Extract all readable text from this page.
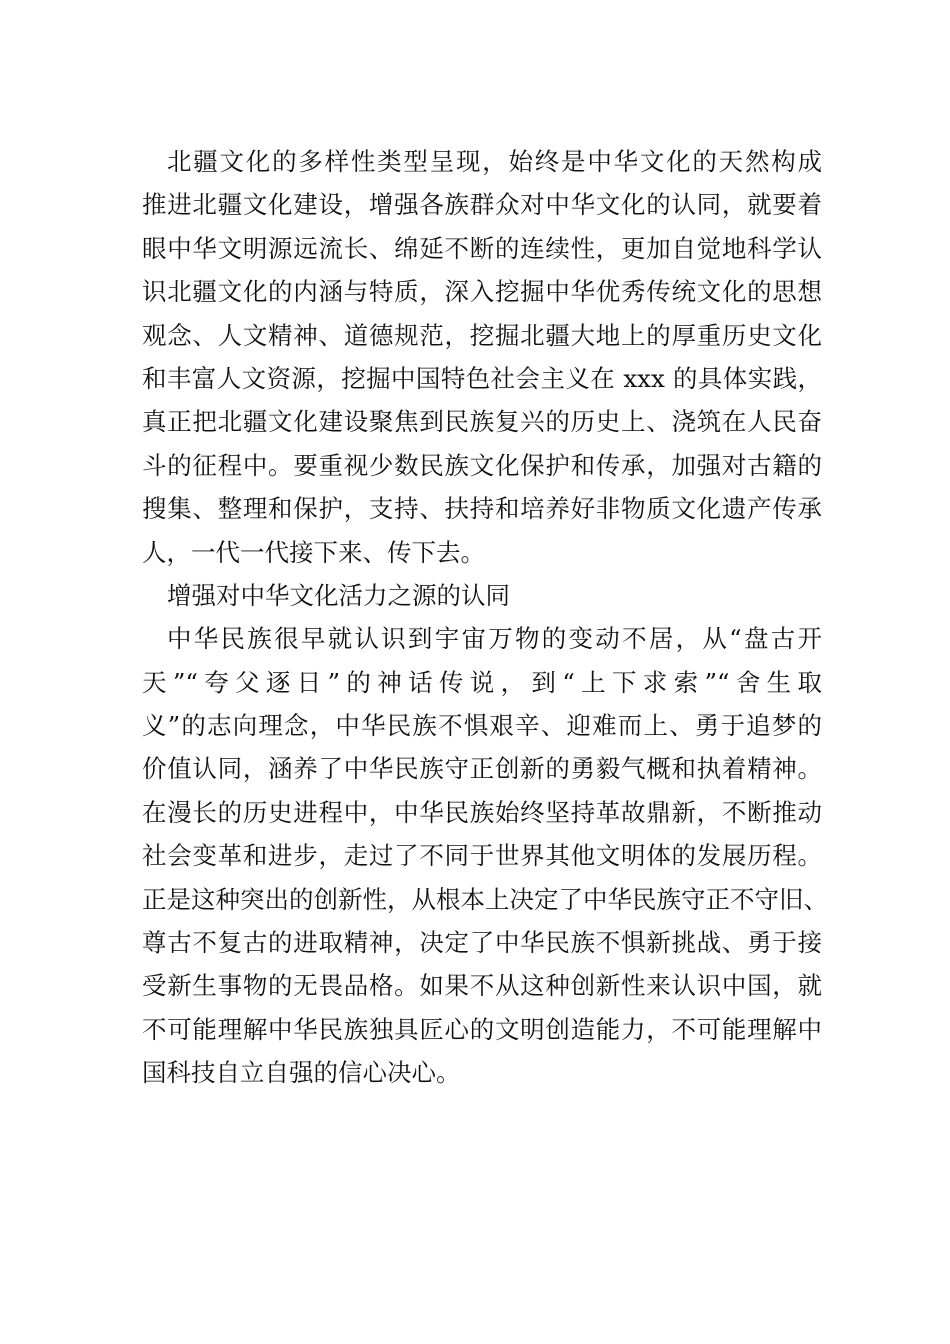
北疆文化的多样性类型呈现，始终是中华文化的天然构成
推进北疆文化建设，增强各族群众对中华文化的认同，就要着
眼中华文明源远流长、绵延不断的连续性，更加自觉地科学认
识北疆文化的内涵与特质，深入挖掘中华优秀传统文化的思想
观念、人文精神、道德规范，挖掘北疆大地上的厚重历史文化
和丰富人文资源，挖掘中国特色社会主义在 xxx 的具体实践，
真正把北疆文化建设聚焦到民族复兴的历史上、浇筑在人民奋
斗的征程中。要重视少数民族文化保护和传承，加强对古籍的
搜集、整理和保护，支持、扶持和培养好非物质文化遗产传承
人，一代一代接下来、传下去。
增强对中华文化活力之源的认同
中华民族很早就认识到宇宙万物的变动不居，从“盘古开
天”“夸父逐日”的神话传说，到“上下求索”“舍生取
义”的志向理念，中华民族不惧艰辛、迎难而上、勇于追梦的
价值认同，涵养了中华民族守正创新的勇毅气概和执着精神。
在漫长的历史进程中，中华民族始终坚持革故鼎新，不断推动
社会变革和进步，走过了不同于世界其他文明体的发展历程。
正是这种突出的创新性，从根本上决定了中华民族守正不守旧、
尊古不复古的进取精神，决定了中华民族不惧新挑战、勇于接
受新生事物的无畏品格。如果不从这种创新性来认识中国，就
不可能理解中华民族独具匠心的文明创造能力，不可能理解中
国科技自立自强的信心决心。
